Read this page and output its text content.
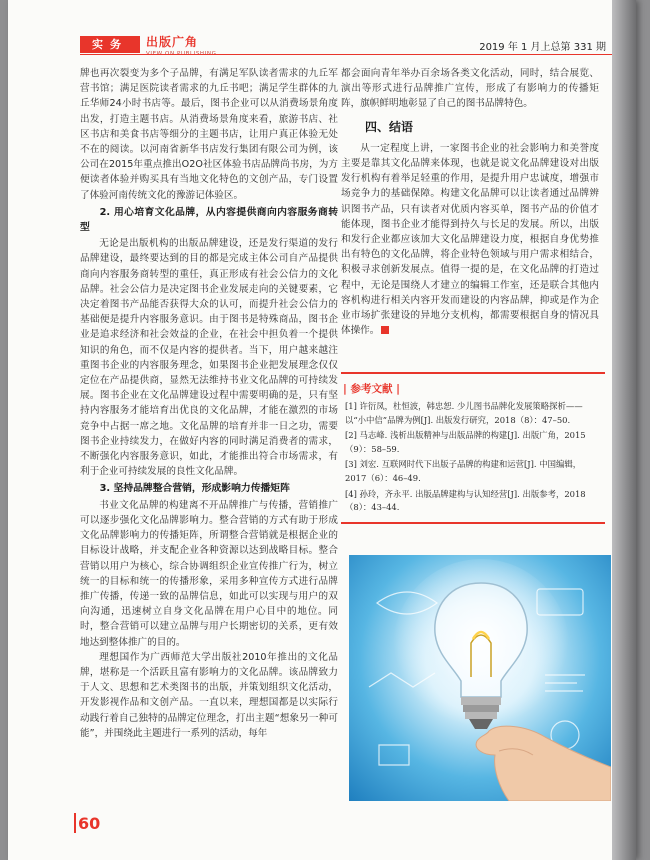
实务	出版广角	2019 年 1 月上总第 331 期

牌也再次裂变为多个子品牌，有满足军队读者需求的九丘军营书馆；满足医院读者需求的九丘书吧；满足学生群体的九丘华师24小时书店等。最后，图书企业可以从消费场景角度出发，打造主题书店。从消费场景角度来看，旅游书店、社区书店和美食书店等细分的主题书店，让用户真正体验无处不在的阅读。以河南省新华书店发行集团有限公司为例，该公司在2015年重点推出O2O社区体验书店品牌尚书房，为方便读者体验并购买具有当地文化特色的文创产品，专门设置了体验河南传统文化的豫游记体验区。

2. 用心培育文化品牌，从内容提供商向内容服务商转型

无论是出版机构的出版品牌建设，还是发行渠道的发行品牌建设，最终要达到的目的都是完成主体公司自产品提供商向内容服务商转型的重任，真正形成有社会公信力的文化品牌。社会公信力是决定图书企业发展走向的关键要素，它决定着图书产品能否获得大众的认可，而提升社会公信力的基础便是提升内容服务意识。由于图书是特殊商品，图书企业是追求经济和社会效益的企业，在社会中担负着一个提供知识的角色，而不仅是内容的提供者。当下，用户越来越注重图书企业的内容服务理念，如果图书企业把发展理念仅仅定位在产品提供商，显然无法维持书业文化品牌的可持续发展。图书企业在文化品牌建设过程中需要明确的是，只有坚持内容服务才能培育出优良的文化品牌，才能在激烈的市场竞争中占据一席之地。文化品牌的培育并非一日之功，需要图书企业持续发力，在做好内容的同时满足消费者的需求，不断强化内容服务意识，如此，才能推出符合市场需求，有利于企业可持续发展的良性文化品牌。

3. 坚持品牌整合营销，形成影响力传播矩阵

书业文化品牌的构建离不开品牌推广与传播，营销推广可以逐步强化文化品牌影响力。整合营销的方式有助于形成文化品牌影响力的传播矩阵，所谓整合营销就是根据企业的目标设计战略，并支配企业各种资源以达到战略目标。整合营销以用户为核心，综合协调组织企业宣传推广行为，树立统一的目标和统一的传播形象，采用多种宣传方式进行品牌推广传播，传递一致的品牌信息，如此可以实现与用户的双向沟通，迅速树立自身文化品牌在用户心目中的地位。同时，整合营销可以建立品牌与用户长期密切的关系，更有效地达到整体推广的目的。

理想国作为广西师范大学出版社2010年推出的文化品牌，堪称是一个活跃且富有影响力的文化品牌。该品牌致力于人文、思想和艺术类图书的出版，并策划组织文化活动，开发影视作品和文创产品。一直以来，理想国都是以实际行动践行着自己独特的品牌定位理念，打出主题“想象另一种可能”，并围绕此主题进行一系列的活动，每年

都会面向青年举办百余场各类文化活动，同时，结合展览、演出等形式进行品牌推广宣传，形成了有影响力的传播矩阵，旗帜鲜明地彰显了自己的图书品牌特色。

四、结语

从一定程度上讲，一家图书企业的社会影响力和美誉度主要是靠其文化品牌来体现，也就是说文化品牌建设对出版发行机构有着举足轻重的作用，是提升用户忠诚度，增强市场竞争力的基础保障。构建文化品牌可以让读者通过品牌辨识图书产品，只有读者对优质内容买单，图书产品的价值才能体现，图书企业才能得到持久与长足的发展。所以，出版和发行企业都应该加大文化品牌建设力度，根据自身优势推出有特色的文化品牌，将企业特色领域与用户需求相结合，积极寻求创新发展点。值得一提的是，在文化品牌的打造过程中，无论是围绕人才建立的编辑工作室，还是联合其他内容机构进行相关内容开发而建设的内容品牌，抑或是作为企业市场扩张建设的异地分支机构，都需要根据自身的情况具体操作。

| 参考文献 |
[1] 许衍凤，杜恒波，韩忠恕. 少儿图书品牌化发展策略探析——以“小中信”品牌为例[J]. 出版发行研究，2018（8）：47–50.
[2] 马志峰. 浅析出版精神与出版品牌的构建[J]. 出版广角，2015（9）：58–59.
[3] 刘宏. 互联网时代下出版子品牌的构建和运营[J]. 中国编辑，2017（6）：46–49.
[4] 孙玲，齐永平. 出版品牌建构与认知经营[J]. 出版参考，2018（8）：43–44.
60
